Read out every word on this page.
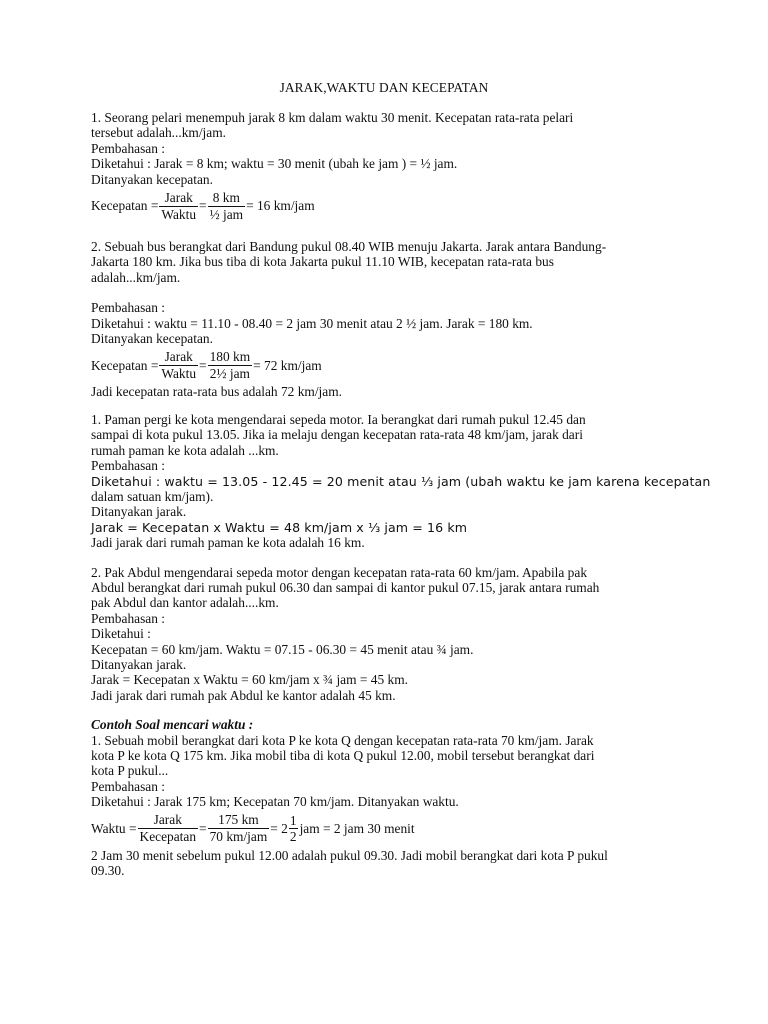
JARAK,WAKTU DAN KECEPATAN
1. Seorang pelari menempuh jarak 8 km dalam waktu 30 menit. Kecepatan rata-rata pelari
tersebut adalah...km/jam.
Pembahasan :
Diketahui : Jarak = 8 km; waktu = 30 menit (ubah ke jam ) = ½ jam.
Ditanyakan kecepatan.
Kecepatan = $\frac{\text{Jarak}}{\text{Waktu}} = \frac{8 km}{\text{½ jam}} = 16$ km/jam
2. Sebuah bus berangkat dari Bandung pukul 08.40 WIB menuju Jakarta. Jarak antara Bandung-
Jakarta 180 km. Jika bus tiba di kota Jakarta pukul 11.10 WIB, kecepatan rata-rata bus
adalah...km/jam.
Pembahasan :
Diketahui : waktu = 11.10 - 08.40 = 2 jam 30 menit atau 2 ½ jam. Jarak = 180 km.
Ditanyakan kecepatan.
Kecepatan = $\frac{\text{Jarak}}{\text{Waktu}} = \frac{180 km}{\text{2½ jam}} = 72$ km/jam
Jadi kecepatan rata-rata bus adalah 72 km/jam.
1. Paman pergi ke kota mengendarai sepeda motor. Ia berangkat dari rumah pukul 12.45 dan
sampai di kota pukul 13.05. Jika ia melaju dengan kecepatan rata-rata 48 km/jam, jarak dari
rumah paman ke kota adalah ...km.
Pembahasan :
Diketahui : waktu = 13.05 - 12.45 = 20 menit atau ⅓ jam (ubah waktu ke jam karena kecepatan
dalam satuan km/jam).
Ditanyakan jarak.
Jarak = Kecepatan x Waktu = 48 km/jam x ⅓ jam = 16 km
Jadi jarak dari rumah paman ke kota adalah 16 km.
2. Pak Abdul mengendarai sepeda motor dengan kecepatan rata-rata 60 km/jam. Apabila pak
Abdul berangkat dari rumah pukul 06.30 dan sampai di kantor pukul 07.15, jarak antara rumah
pak Abdul dan kantor adalah....km.
Pembahasan :
Diketahui :
Kecepatan = 60 km/jam. Waktu = 07.15 - 06.30 = 45 menit atau ¾ jam.
Ditanyakan jarak.
Jarak = Kecepatan x Waktu = 60 km/jam x ¾ jam = 45 km.
Jadi jarak dari rumah pak Abdul ke kantor adalah 45 km.
Contoh Soal mencari waktu :
1. Sebuah mobil berangkat dari kota P ke kota Q dengan kecepatan rata-rata 70 km/jam. Jarak
kota P ke kota Q 175 km. Jika mobil tiba di kota Q pukul 12.00, mobil tersebut berangkat dari
kota P pukul...
Pembahasan :
Diketahui : Jarak 175 km; Kecepatan 70 km/jam. Ditanyakan waktu.
Waktu = $\frac{\text{Jarak}}{\text{Kecepatan}} = \frac{175 km}{\text{70 km/jam}} = 2 \frac{1}{2}$ jam = 2 jam 30 menit
2 Jam 30 menit sebelum pukul 12.00 adalah pukul 09.30. Jadi mobil berangkat dari kota P pukul
09.30.
